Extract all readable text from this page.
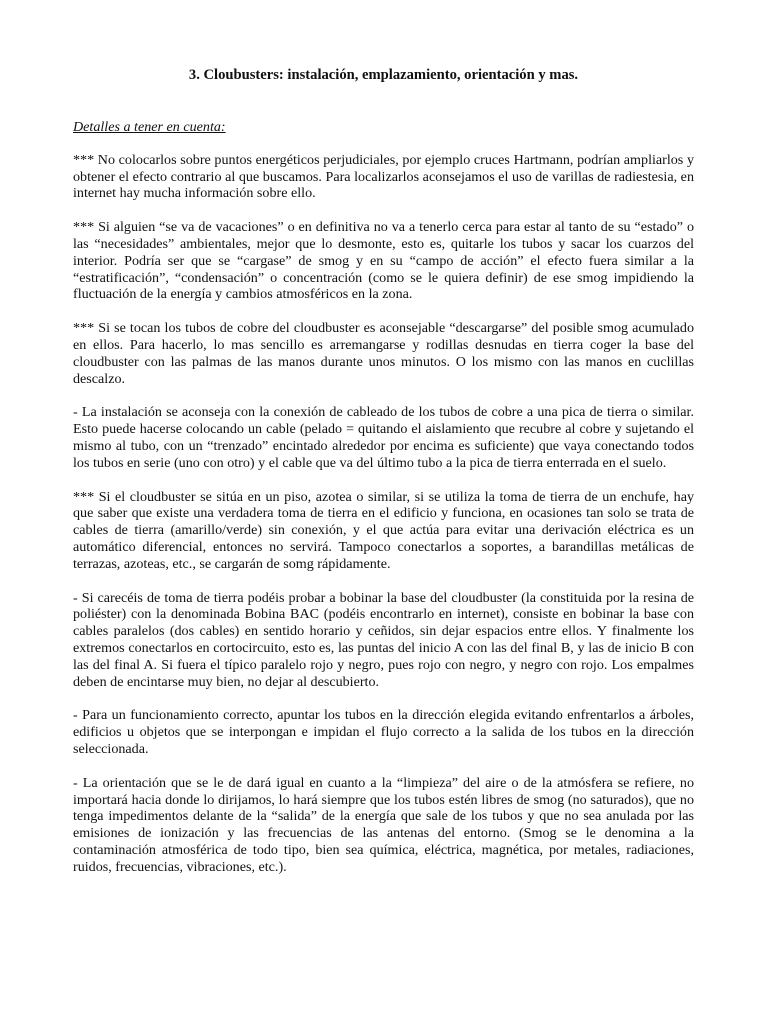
3. Cloubusters: instalación, emplazamiento, orientación y mas.

Detalles a tener en cuenta:

*** No colocarlos sobre puntos energéticos perjudiciales, por ejemplo cruces Hartmann, podrían ampliarlos y obtener el efecto contrario al que buscamos. Para localizarlos aconsejamos el uso de varillas de radiestesia, en internet hay mucha información sobre ello.

*** Si alguien “se va de vacaciones” o en definitiva no va a tenerlo cerca para estar al tanto de su “estado” o las “necesidades” ambientales, mejor que lo desmonte, esto es, quitarle los tubos y sacar los cuarzos del interior. Podría ser que se “cargase” de smog y en su “campo de acción” el efecto fuera similar a la “estratificación”, “condensación” o concentración (como se le quiera definir) de ese smog impidiendo la fluctuación de la energía y cambios atmosféricos en la zona.

*** Si se tocan los tubos de cobre del cloudbuster es aconsejable “descargarse” del posible smog acumulado en ellos. Para hacerlo, lo mas sencillo es arremangarse y rodillas desnudas en tierra coger la base del cloudbuster con las palmas de las manos durante unos minutos. O los mismo con las manos en cuclillas descalzo.

- La instalación se aconseja con la conexión de cableado de los tubos de cobre a una pica de tierra o similar. Esto puede hacerse colocando un cable (pelado = quitando el aislamiento que recubre al cobre y sujetando el mismo al tubo, con un “trenzado” encintado alrededor por encima es suficiente) que vaya conectando todos los tubos en serie (uno con otro) y el cable que va del último tubo a la pica de tierra enterrada en el suelo.

*** Si el cloudbuster se sitúa en un piso, azotea o similar, si se utiliza la toma de tierra de un enchufe, hay que saber que existe una verdadera toma de tierra en el edificio y funciona, en ocasiones tan solo se trata de cables de tierra (amarillo/verde) sin conexión, y el que actúa para evitar una derivación eléctrica es un automático diferencial, entonces no servirá. Tampoco conectarlos a soportes, a barandillas metálicas de terrazas, azoteas, etc., se cargarán de somg rápidamente.

- Si carecéis de toma de tierra podéis probar a bobinar la base del cloudbuster (la constituida por la resina de poliéster) con la denominada Bobina BAC (podéis encontrarlo en internet), consiste en bobinar la base con cables paralelos (dos cables) en sentido horario y ceñidos, sin dejar espacios entre ellos. Y finalmente los extremos conectarlos en cortocircuito, esto es, las puntas del inicio A con las del final B, y las de inicio B con las del final A. Si fuera el típico paralelo rojo y negro, pues rojo con negro, y negro con rojo. Los empalmes deben de encintarse muy bien, no dejar al descubierto.

- Para un funcionamiento correcto, apuntar los tubos en la dirección elegida evitando enfrentarlos a árboles, edificios u objetos que se interpongan e impidan el flujo correcto a la salida de los tubos en la dirección seleccionada.

- La orientación que se le de dará igual en cuanto a la “limpieza” del aire o de la atmósfera se refiere, no importará hacia donde lo dirijamos, lo hará siempre que los tubos estén libres de smog (no saturados), que no tenga impedimentos delante de la “salida” de la energía que sale de los tubos y que no sea anulada por las emisiones de ionización y las frecuencias de las antenas del entorno. (Smog se le denomina a la contaminación atmosférica de todo tipo, bien sea química, eléctrica, magnética, por metales, radiaciones, ruidos, frecuencias, vibraciones, etc.).
